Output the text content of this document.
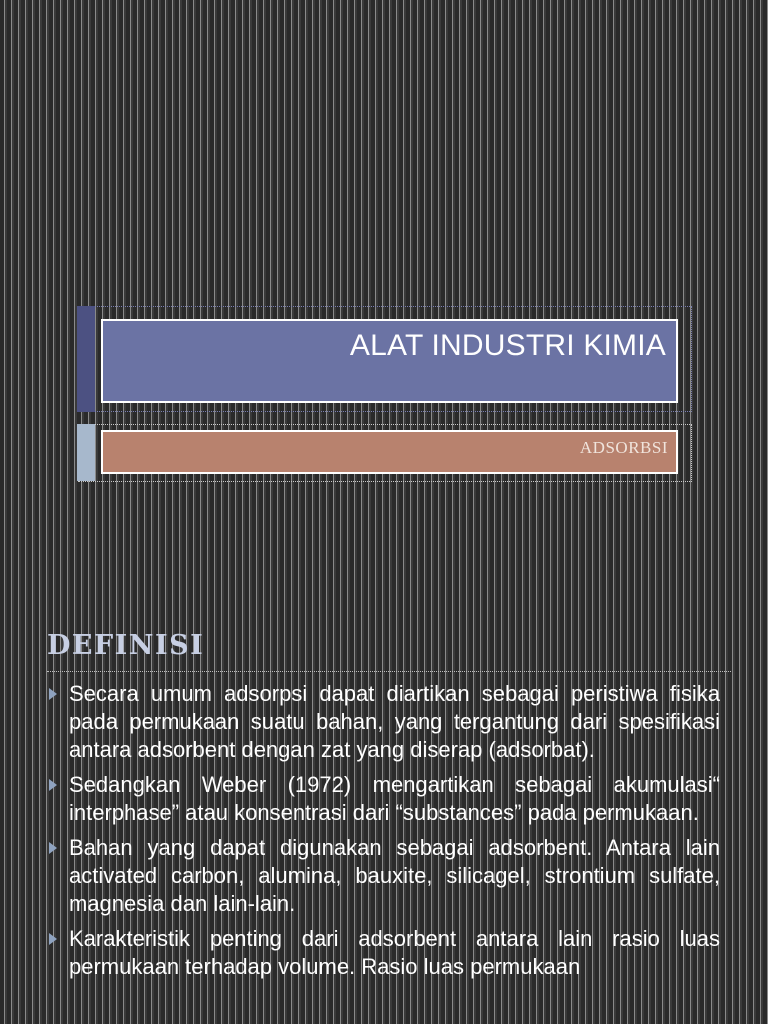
ALAT INDUSTRI KIMIA
ADSORBSI
DEFINISI
Secara umum adsorpsi dapat diartikan sebagai peristiwa fisika pada permukaan suatu bahan, yang tergantung dari spesifikasi antara adsorbent dengan zat yang diserap (adsorbat).
Sedangkan Weber (1972) mengartikan sebagai akumulasi“ interphase” atau konsentrasi dari “substances” pada permukaan.
Bahan yang dapat digunakan sebagai adsorbent. Antara lain activated carbon, alumina, bauxite, silicagel, strontium sulfate, magnesia dan lain-lain.
Karakteristik penting dari adsorbent antara lain rasio luas permukaan terhadap volume. Rasio luas permukaan
